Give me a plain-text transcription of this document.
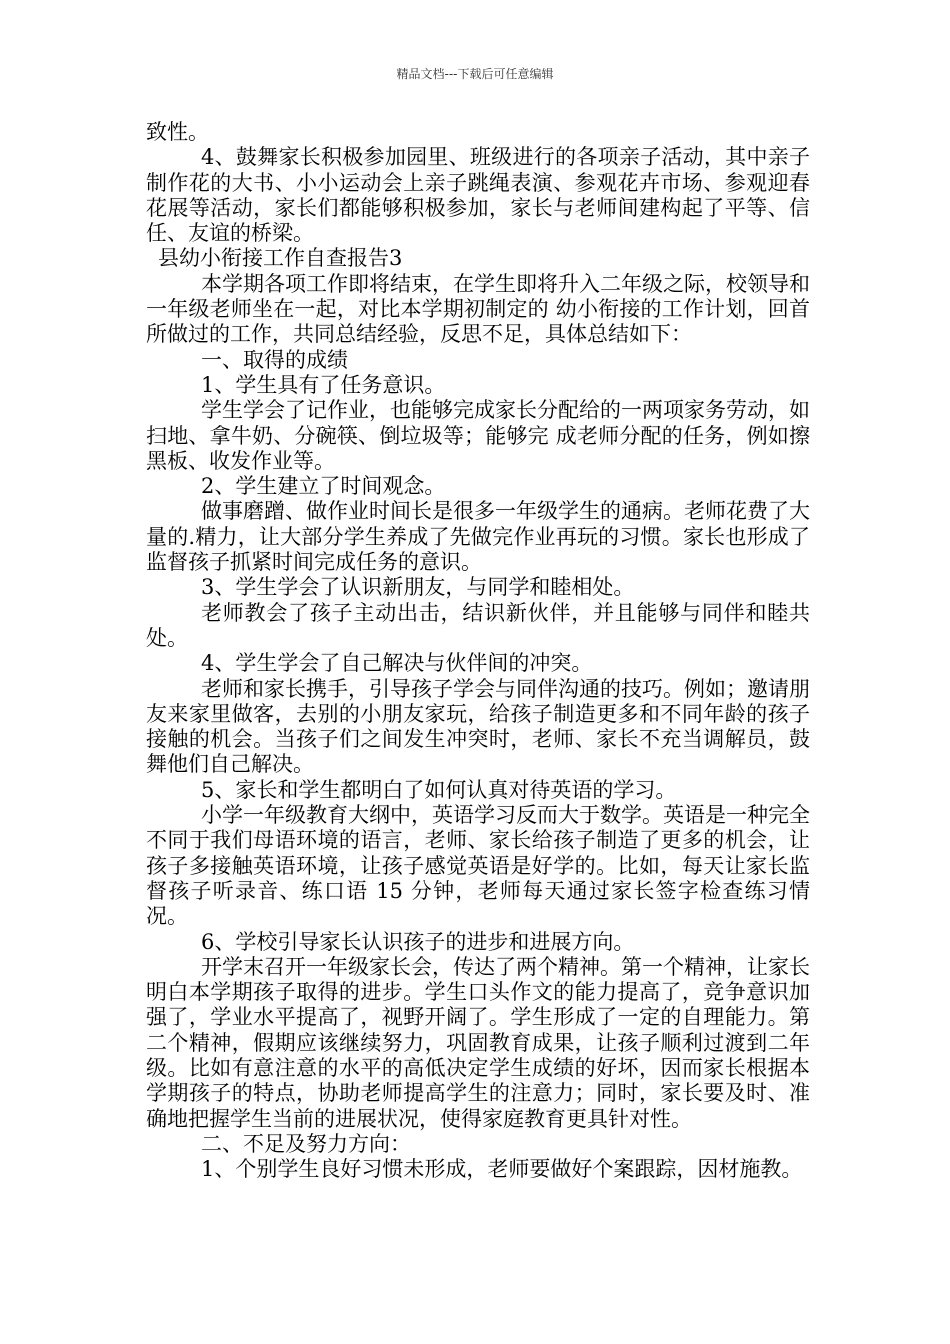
精品文档---下载后可任意编辑

致性。

4、鼓舞家长积极参加园里、班级进行的各项亲子活动，其中亲子制作花的大书、小小运动会上亲子跳绳表演、参观花卉市场、参观迎春花展等活动，家长们都能够积极参加，家长与老师间建构起了平等、信任、友谊的桥梁。

县幼小衔接工作自查报告3

本学期各项工作即将结束，在学生即将升入二年级之际，校领导和一年级老师坐在一起，对比本学期初制定的 幼小衔接的工作计划，回首所做过的工作，共同总结经验，反思不足，具体总结如下：

一、取得的成绩

1、学生具有了任务意识。

学生学会了记作业，也能够完成家长分配给的一两项家务劳动，如扫地、拿牛奶、分碗筷、倒垃圾等；能够完 成老师分配的任务，例如擦黑板、收发作业等。

2、学生建立了时间观念。

做事磨蹭、做作业时间长是很多一年级学生的通病。老师花费了大量的.精力，让大部分学生养成了先做完作业再玩的习惯。家长也形成了监督孩子抓紧时间完成任务的意识。

3、学生学会了认识新朋友，与同学和睦相处。

老师教会了孩子主动出击，结识新伙伴，并且能够与同伴和睦共处。

4、学生学会了自己解决与伙伴间的冲突。

老师和家长携手，引导孩子学会与同伴沟通的技巧。例如；邀请朋友来家里做客，去别的小朋友家玩，给孩子制造更多和不同年龄的孩子接触的机会。当孩子们之间发生冲突时，老师、家长不充当调解员，鼓舞他们自己解决。

5、家长和学生都明白了如何认真对待英语的学习。

小学一年级教育大纲中，英语学习反而大于数学。英语是一种完全不同于我们母语环境的语言，老师、家长给孩子制造了更多的机会，让孩子多接触英语环境，让孩子感觉英语是好学的。比如，每天让家长监督孩子听录音、练口语 15 分钟，老师每天通过家长签字检查练习情况。

6、学校引导家长认识孩子的进步和进展方向。

开学末召开一年级家长会，传达了两个精神。第一个精神，让家长明白本学期孩子取得的进步。学生口头作文的能力提高了，竞争意识加强了，学业水平提高了，视野开阔了。学生形成了一定的自理能力。第二个精神，假期应该继续努力，巩固教育成果，让孩子顺利过渡到二年级。比如有意注意的水平的高低决定学生成绩的好坏，因而家长根据本学期孩子的特点，协助老师提高学生的注意力；同时，家长要及时、准确地把握学生当前的进展状况，使得家庭教育更具针对性。

二、不足及努力方向：

1、个别学生良好习惯未形成，老师要做好个案跟踪，因材施教。
